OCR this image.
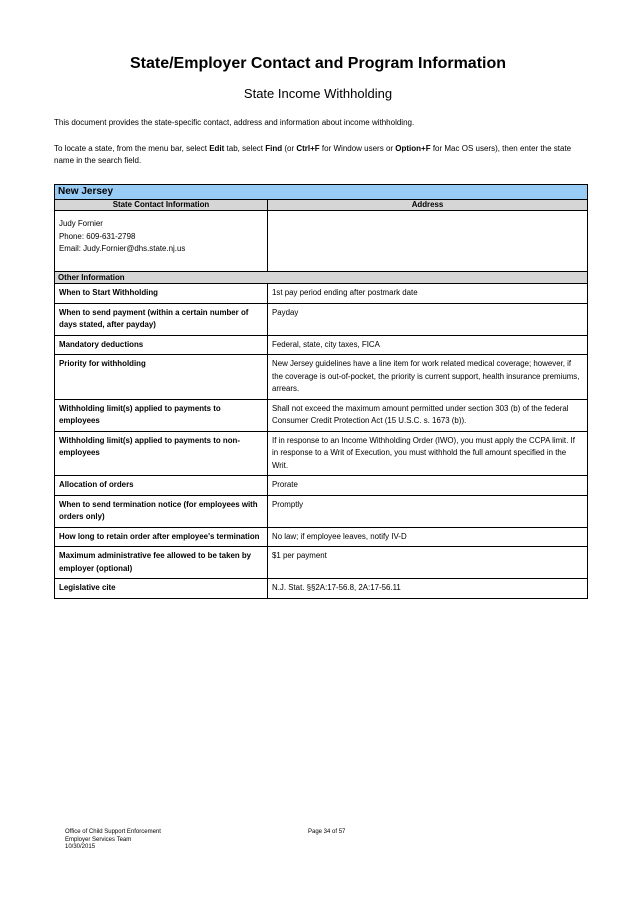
State/Employer Contact and Program Information
State Income Withholding
This document provides the state-specific contact, address and information about income withholding.
To locate a state, from the menu bar, select Edit tab, select Find (or Ctrl+F for Window users or Option+F for Mac OS users), then enter the state name in the search field.
New Jersey	
State Contact Information	Address

Judy Fornier
Phone: 609-631-2798
Email: Judy.Fornier@dhs.state.nj.us	

Other Information	
When to Start Withholding	1st pay period ending after postmark date
When to send payment (within a certain number of days stated, after payday)	Payday
Mandatory deductions	Federal, state, city taxes, FICA
Priority for withholding	New Jersey guidelines have a line item for work related medical coverage; however, if the coverage is out-of-pocket, the priority is current support, health insurance premiums, arrears.
Withholding limit(s) applied to payments to employees	Shall not exceed the maximum amount permitted under section 303 (b) of the federal Consumer Credit Protection Act (15 U.S.C. s. 1673 (b)).
Withholding limit(s) applied to payments to non-employees	If in response to an Income Withholding Order (IWO), you must apply the CCPA limit. If in response to a Writ of Execution, you must withhold the full amount specified in the Writ.
Allocation of orders	Prorate
When to send termination notice (for employees with orders only)	Promptly
How long to retain order after employee's termination	No law; if employee leaves, notify IV-D
Maximum administrative fee allowed to be taken by employer (optional)	$1 per payment
Legislative cite	N.J. Stat. §§2A:17-56.8, 2A:17-56.11
Office of Child Support Enforcement
Employer Services Team
10/30/2015
Page 34 of 57
